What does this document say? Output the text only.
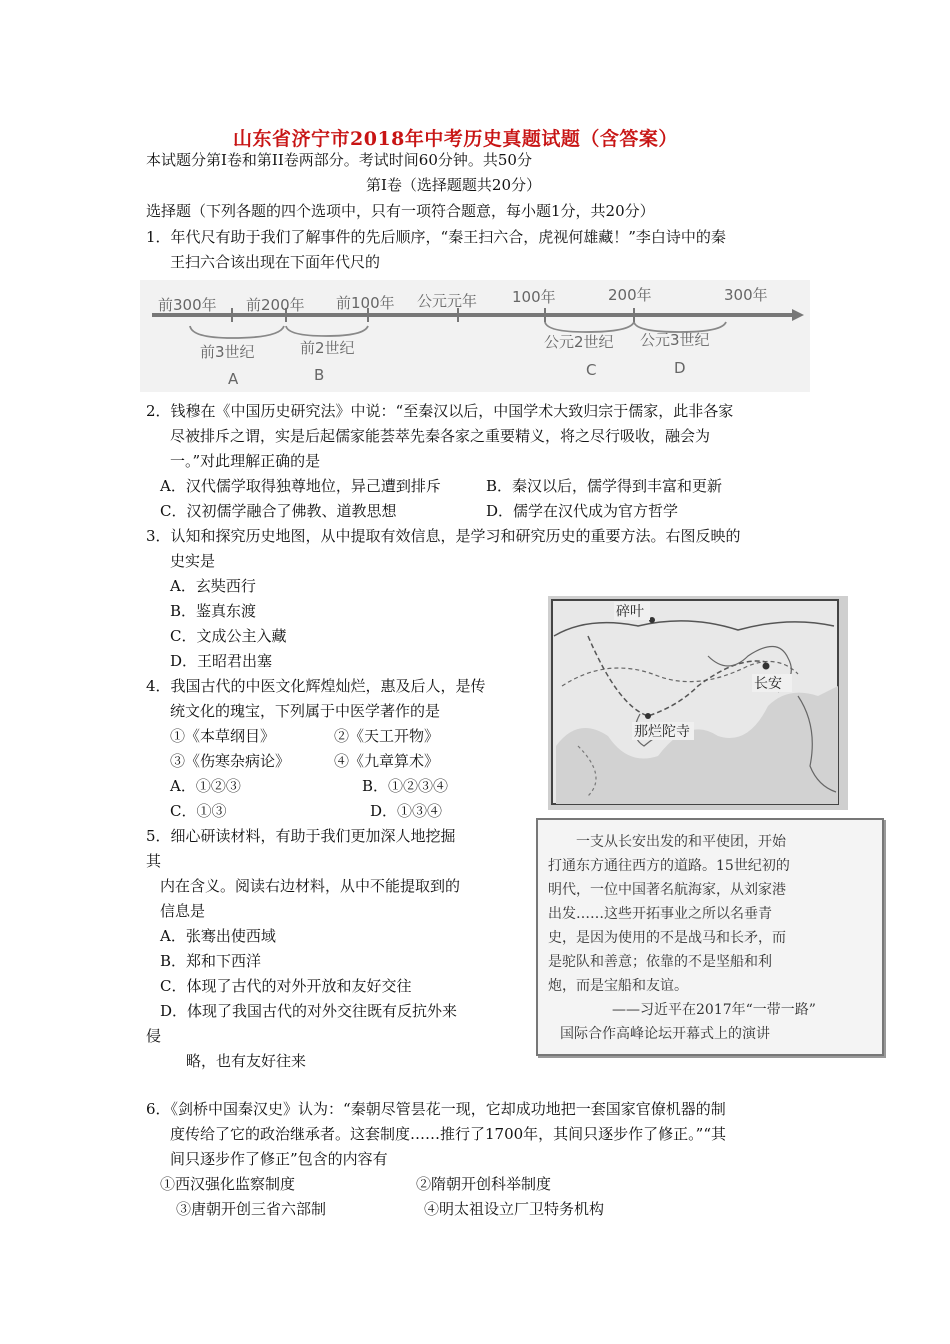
山东省济宁市2018年中考历史真题试题（含答案）
本试题分第Ⅰ卷和第II卷两部分。考试时间60分钟。共50分
第Ⅰ卷（选择题题共20分）
选择题（下列各题的四个选项中，只有一项符合题意，每小题1分，共20分）
1．年代尺有助于我们了解事件的先后顺序，“秦王扫六合，虎视何雄藏！”李白诗中的秦
王扫六合该出现在下面年代尺的
前300年 前200年 前100年 公元元年 100年	200年	300年
前3世纪	前2世纪	公元2世纪 公元3世纪
A	B	C	D
2．钱穆在《中国历史研究法》中说：“至秦汉以后，中国学术大致归宗于儒家，此非各家
尽被排斥之谓，实是后起儒家能荟萃先秦各家之重要精义，将之尽行吸收，融会为
一。”对此理解正确的是
A．汉代儒学取得独尊地位，异己遭到排斥	B．秦汉以后，儒学得到丰富和更新
C．汉初儒学融合了佛教、道教思想	D．儒学在汉代成为官方哲学
3．认知和探究历史地图，从中提取有效信息，是学习和研究历史的重要方法。右图反映的
史实是
A．玄奘西行
B．鉴真东渡
C．文成公主入藏
D．王昭君出塞
碎叶
长安
那烂陀寺
4．我国古代的中医文化辉煌灿烂，惠及后人，是传
统文化的瑰宝，下列属于中医学著作的是
①《本草纲目》	②《天工开物》
③《伤寒杂病论》	④《九章算术》
A．①②③	B．①②③④
C．①③	D．①③④
5．细心研读材料，有助于我们更加深人地挖掘
其
内在含义。阅读右边材料，从中不能提取到的
信息是
A．张骞出使西域
B．郑和下西洋
C．体现了古代的对外开放和友好交往
D．体现了我国古代的对外交往既有反抗外来
侵
略，也有友好往来
一支从长安出发的和平使团，开始
打通东方通往西方的道路。15世纪初的
明代，一位中国著名航海家，从刘家港
出发……这些开拓事业之所以名垂青
史，是因为使用的不是战马和长矛，而
是驼队和善意；依靠的不是坚船和利
炮，而是宝船和友谊。
——习近平在2017年“一带一路”
国际合作高峰论坛开幕式上的演讲
6．《剑桥中国秦汉史》认为：“秦朝尽管昙花一现，它却成功地把一套国家官僚机器的制
度传给了它的政治继承者。这套制度……推行了1700年，其间只逐步作了修正。”“其
间只逐步作了修正”包含的内容有
①西汉强化监察制度	②隋朝开创科举制度
③唐朝开创三省六部制	④明太祖设立厂卫特务机构
